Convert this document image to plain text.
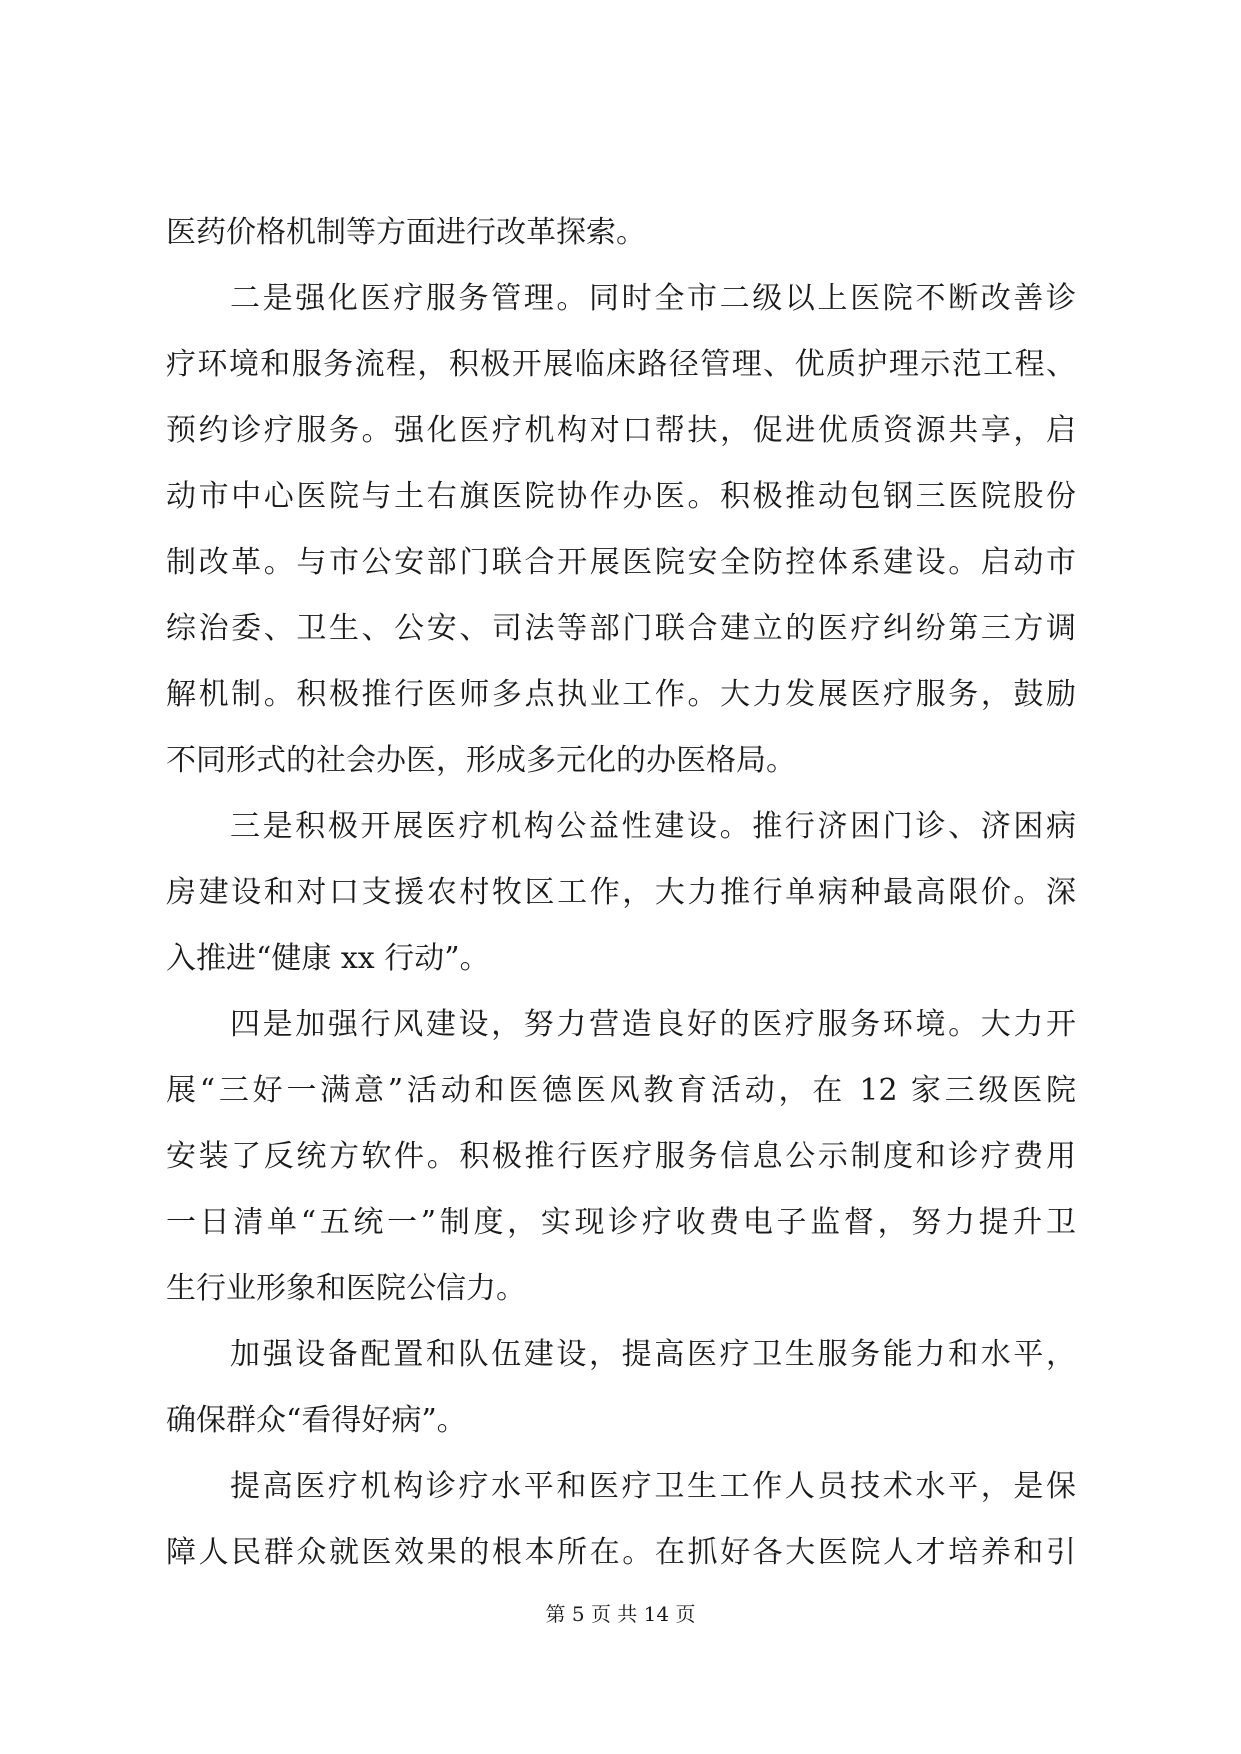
医药价格机制等方面进行改革探索。
二是强化医疗服务管理。同时全市二级以上医院不断改善诊
疗环境和服务流程，积极开展临床路径管理、优质护理示范工程、
预约诊疗服务。强化医疗机构对口帮扶，促进优质资源共享，启
动市中心医院与土右旗医院协作办医。积极推动包钢三医院股份
制改革。与市公安部门联合开展医院安全防控体系建设。启动市
综治委、卫生、公安、司法等部门联合建立的医疗纠纷第三方调
解机制。积极推行医师多点执业工作。大力发展医疗服务，鼓励
不同形式的社会办医，形成多元化的办医格局。
三是积极开展医疗机构公益性建设。推行济困门诊、济困病
房建设和对口支援农村牧区工作，大力推行单病种最高限价。深
入推进“健康 xx 行动”。
四是加强行风建设，努力营造良好的医疗服务环境。大力开
展“三好一满意”活动和医德医风教育活动，在 12 家三级医院
安装了反统方软件。积极推行医疗服务信息公示制度和诊疗费用
一日清单“五统一”制度，实现诊疗收费电子监督，努力提升卫
生行业形象和医院公信力。
加强设备配置和队伍建设，提高医疗卫生服务能力和水平，
确保群众“看得好病”。
提高医疗机构诊疗水平和医疗卫生工作人员技术水平，是保
障人民群众就医效果的根本所在。在抓好各大医院人才培养和引
第 5 页 共 14 页
